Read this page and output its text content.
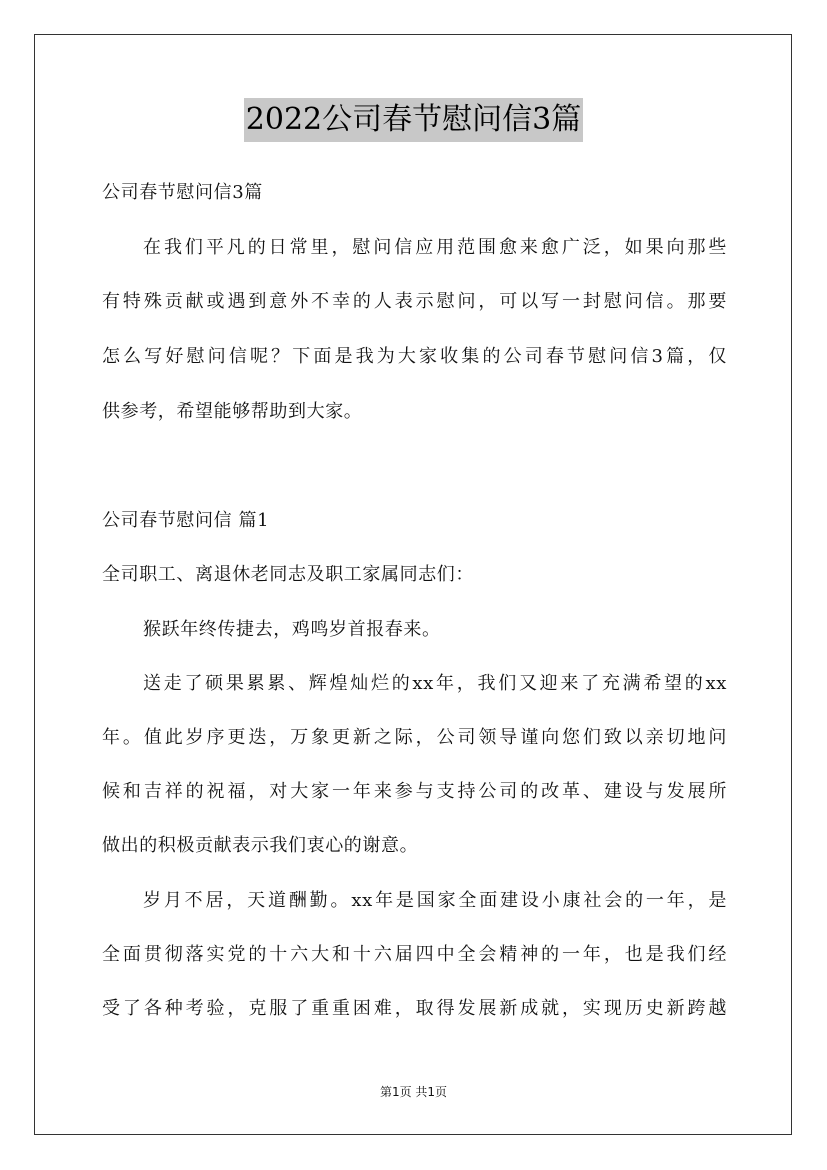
2022公司春节慰问信3篇
公司春节慰问信3篇
在我们平凡的日常里，慰问信应用范围愈来愈广泛，如果向那些
有特殊贡献或遇到意外不幸的人表示慰问，可以写一封慰问信。那要
怎么写好慰问信呢？下面是我为大家收集的公司春节慰问信3篇，仅
供参考，希望能够帮助到大家。
公司春节慰问信 篇1
全司职工、离退休老同志及职工家属同志们：
猴跃年终传捷去，鸡鸣岁首报春来。
送走了硕果累累、辉煌灿烂的xx年，我们又迎来了充满希望的xx
年。值此岁序更迭，万象更新之际，公司领导谨向您们致以亲切地问
候和吉祥的祝福，对大家一年来参与支持公司的改革、建设与发展所
做出的积极贡献表示我们衷心的谢意。
岁月不居，天道酬勤。xx年是国家全面建设小康社会的一年，是
全面贯彻落实党的十六大和十六届四中全会精神的一年，也是我们经
受了各种考验，克服了重重困难，取得发展新成就，实现历史新跨越
第1页 共1页
